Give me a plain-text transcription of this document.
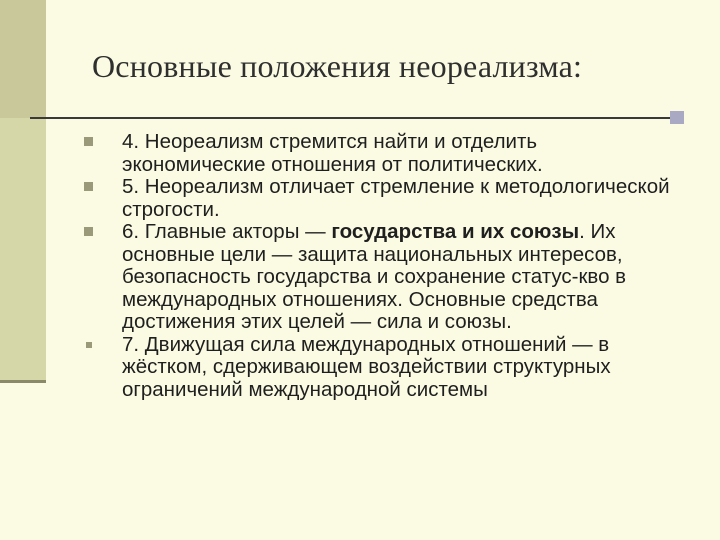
Основные положения неореализма:
4. Неореализм стремится найти и отделить экономические отношения от политических.
5. Неореализм отличает стремление к методологической строгости.
6. Главные акторы — государства и их союзы. Их основные цели — защита национальных интересов, безопасность государства и сохранение статус-кво в международных отношениях. Основные средства достижения этих целей — сила и союзы.
7. Движущая сила международных отношений — в жёстком, сдерживающем воздействии структурных ограничений международной системы
